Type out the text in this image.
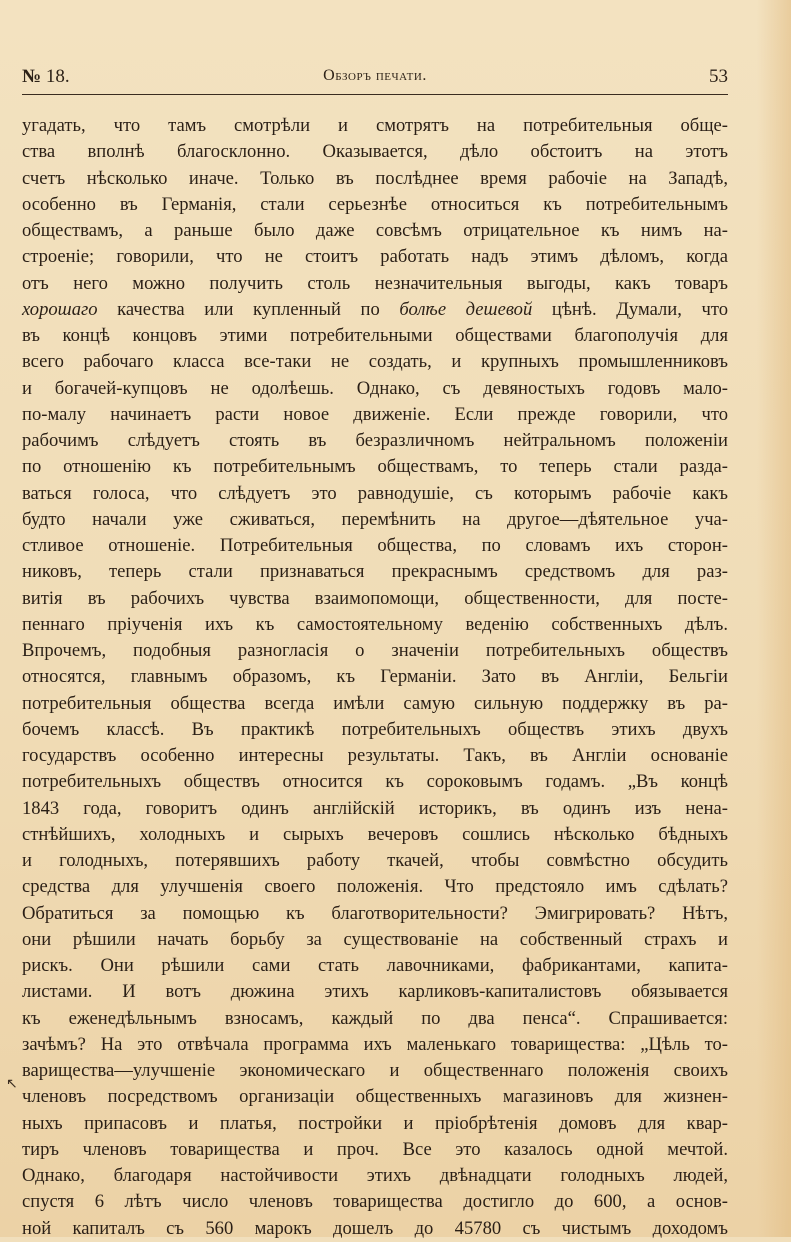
№ 18.	Обзоръ печати.	53
угадать, что тамъ смотрѣли и смотрятъ на потребительныя обще-
ства вполнѣ благосклонно. Оказывается, дѣло обстоитъ на этотъ
счетъ нѣсколько иначе. Только въ послѣднее время рабочіе на Западѣ,
особенно въ Германія, стали серьезнѣе относиться къ потребительнымъ
обществамъ, а раньше было даже совсѣмъ отрицательное къ нимъ на-
строеніе; говорили, что не стоитъ работать надъ этимъ дѣломъ, когда
отъ него можно получить столь незначительныя выгоды, какъ товаръ
хорошаго качества или купленный по болѣе дешевой цѣнѣ. Думали, что
въ концѣ концовъ этими потребительными обществами благополучія для
всего рабочаго класса все-таки не создать, и крупныхъ промышленниковъ
и богачей-купцовъ не одолѣешь. Однако, съ девяностыхъ годовъ мало-
по-малу начинаетъ расти новое движеніе. Если прежде говорили, что
рабочимъ слѣдуетъ стоять въ безразличномъ нейтральномъ положеніи
по отношенію къ потребительнымъ обществамъ, то теперь стали разда-
ваться голоса, что слѣдуетъ это равнодушіе, съ которымъ рабочіе какъ
будто начали уже сживаться, перемѣнить на другое—дѣятельное уча-
стливое отношеніе. Потребительныя общества, по словамъ ихъ сторон-
никовъ, теперь стали признаваться прекраснымъ средствомъ для раз-
витія въ рабочихъ чувства взаимопомощи, общественности, для посте-
пеннаго пріученія ихъ къ самостоятельному веденію собственныхъ дѣлъ.
Впрочемъ, подобныя разногласія о значеніи потребительныхъ обществъ
относятся, главнымъ образомъ, къ Германіи. Зато въ Англіи, Бельгіи
потребительныя общества всегда имѣли самую сильную поддержку въ ра-
бочемъ классѣ. Въ практикѣ потребительныхъ обществъ этихъ двухъ
государствъ особенно интересны результаты. Такъ, въ Англіи основаніе
потребительныхъ обществъ относится къ сороковымъ годамъ. „Въ концѣ
1843 года, говоритъ одинъ англійскій историкъ, въ одинъ изъ нена-
стнѣйшихъ, холодныхъ и сырыхъ вечеровъ сошлись нѣсколько бѣдныхъ
и голодныхъ, потерявшихъ работу ткачей, чтобы совмѣстно обсудить
средства для улучшенія своего положенія. Что предстояло имъ сдѣлать?
Обратиться за помощью къ благотворительности? Эмигрировать? Нѣтъ,
они рѣшили начать борьбу за существованіе на собственный страхъ и
рискъ. Они рѣшили сами стать лавочниками, фабрикантами, капита-
листами. И вотъ дюжина этихъ карликовъ-капиталистовъ обязывается
къ еженедѣльнымъ взносамъ, каждый по два пенса“. Спрашивается:
зачѣмъ? На это отвѣчала программа ихъ маленькаго товарищества: „Цѣль то-
варищества—улучшеніе экономическаго и общественнаго положенія своихъ
членовъ посредствомъ организаціи общественныхъ магазиновъ для жизнен-
ныхъ припасовъ и платья, постройки и пріобрѣтенія домовъ для квар-
тиръ членовъ товарищества и проч. Все это казалось одной мечтой.
Однако, благодаря настойчивости этихъ двѣнадцати голодныхъ людей,
спустя 6 лѣтъ число членовъ товарищества достигло до 600, а основ-
ной капиталъ съ 560 марокъ дошелъ до 45780 съ чистымъ доходомъ
↖
